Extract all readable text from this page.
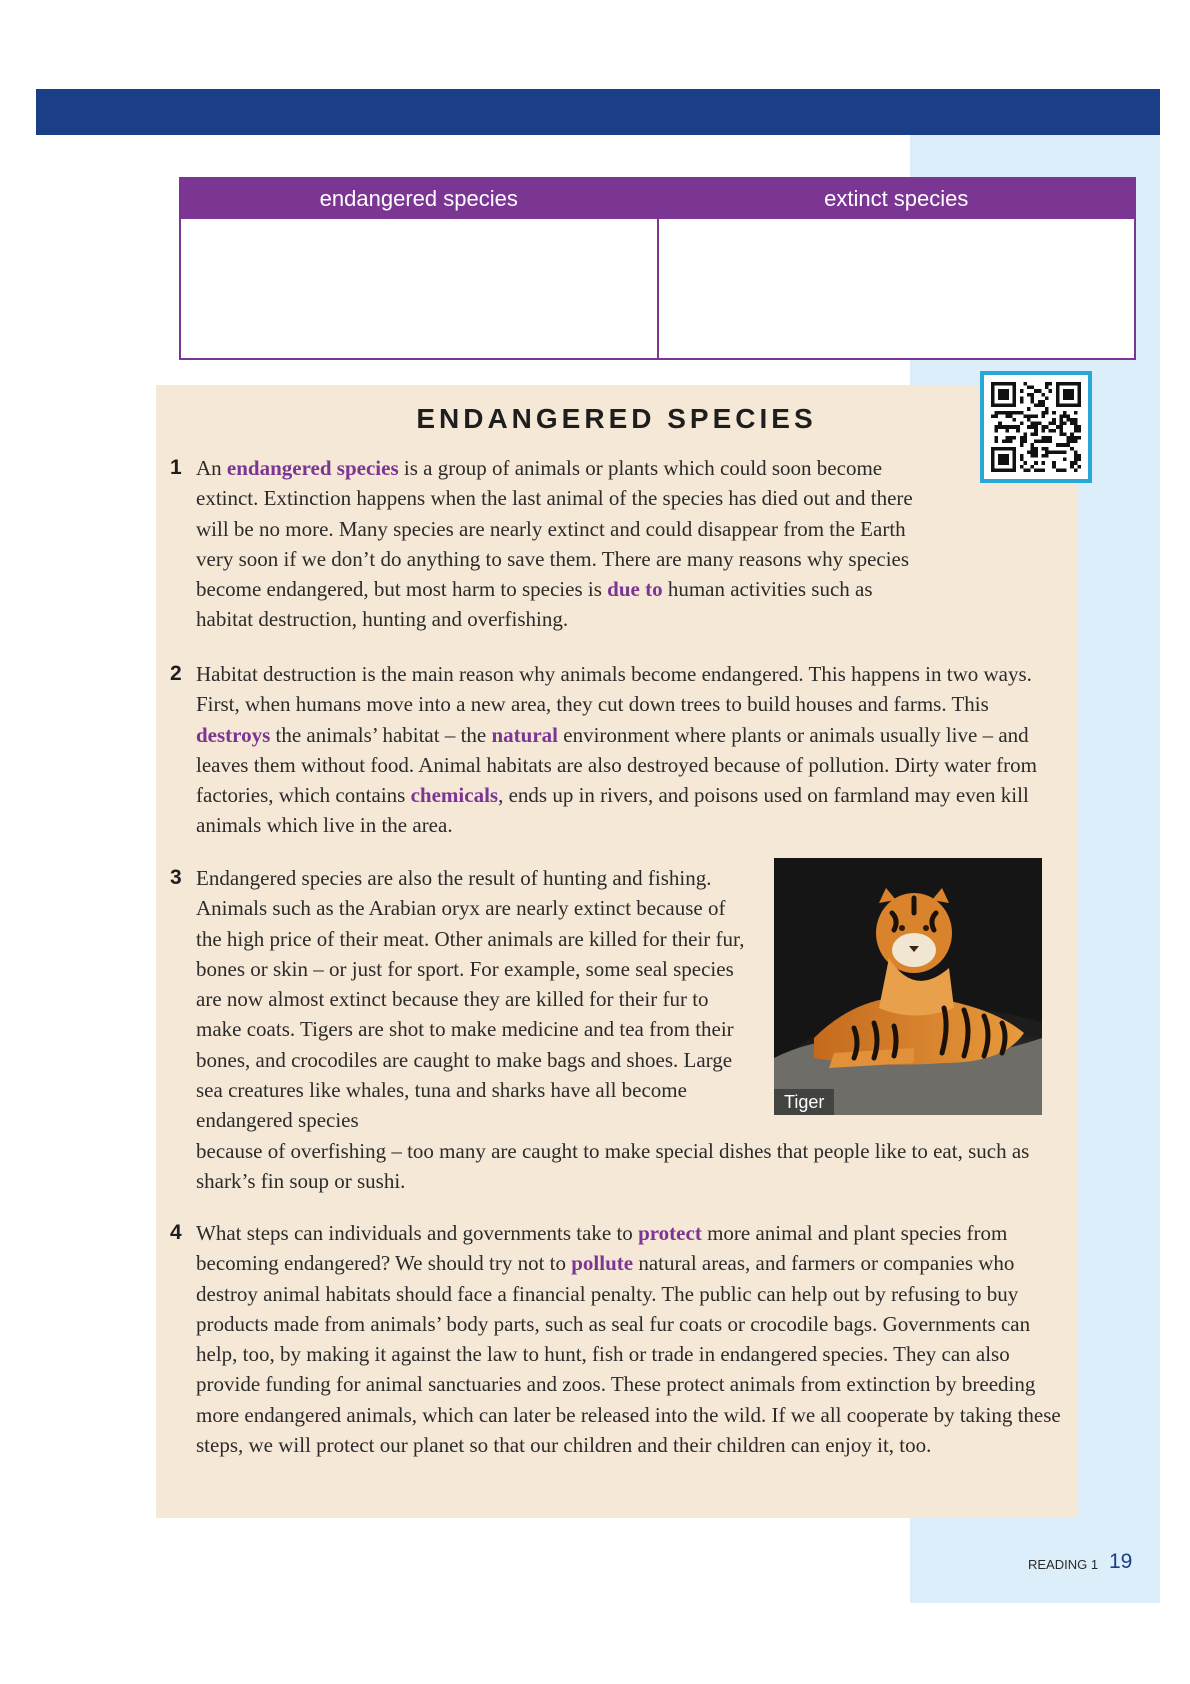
endangered species	extinct species
ENDANGERED SPECIES
1 An endangered species is a group of animals or plants which could soon become extinct. Extinction happens when the last animal of the species has died out and there will be no more. Many species are nearly extinct and could disappear from the Earth very soon if we don’t do anything to save them. There are many reasons why species become endangered, but most harm to species is due to human activities such as habitat destruction, hunting and overfishing.
2 Habitat destruction is the main reason why animals become endangered. This happens in two ways. First, when humans move into a new area, they cut down trees to build houses and farms. This destroys the animals’ habitat – the natural environment where plants or animals usually live – and leaves them without food. Animal habitats are also destroyed because of pollution. Dirty water from factories, which contains chemicals, ends up in rivers, and poisons used on farmland may even kill animals which live in the area.
3 Endangered species are also the result of hunting and fishing. Animals such as the Arabian oryx are nearly extinct because of the high price of their meat. Other animals are killed for their fur, bones or skin – or just for sport. For example, some seal species are now almost extinct because they are killed for their fur to make coats. Tigers are shot to make medicine and tea from their bones, and crocodiles are caught to make bags and shoes. Large sea creatures like whales, tuna and sharks have all become endangered species
because of overfishing – too many are caught to make special dishes that people like to eat, such as shark’s fin soup or sushi.
Tiger
4 What steps can individuals and governments take to protect more animal and plant species from becoming endangered? We should try not to pollute natural areas, and farmers or companies who destroy animal habitats should face a financial penalty. The public can help out by refusing to buy products made from animals’ body parts, such as seal fur coats or crocodile bags. Governments can help, too, by making it against the law to hunt, fish or trade in endangered species. They can also provide funding for animal sanctuaries and zoos. These protect animals from extinction by breeding more endangered animals, which can later be released into the wild. If we all cooperate by taking these steps, we will protect our planet so that our children and their children can enjoy it, too.
READING 1 19
